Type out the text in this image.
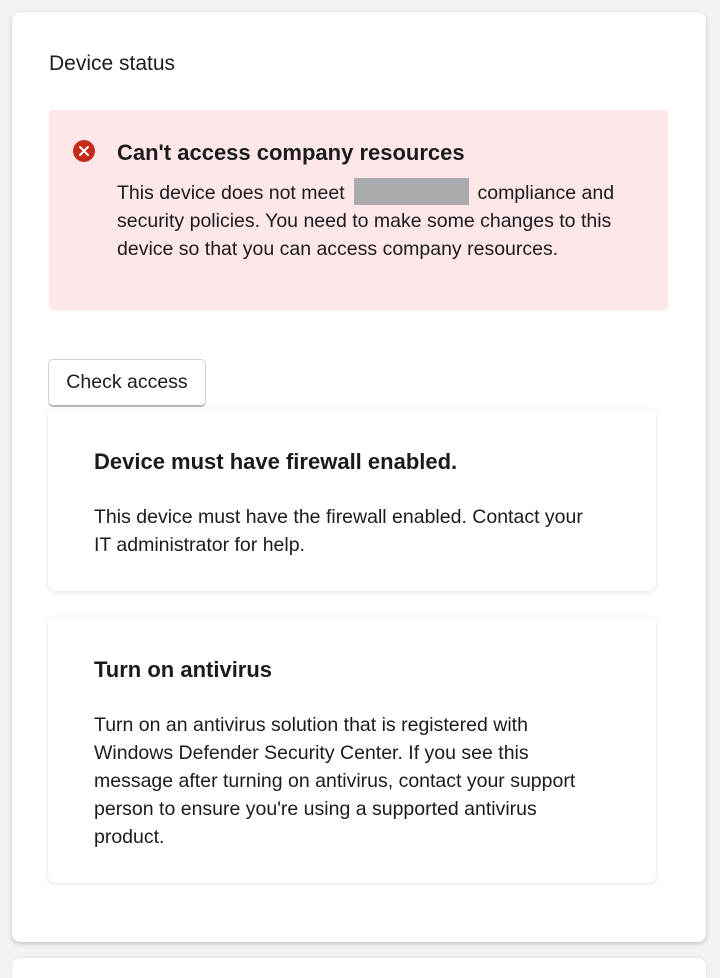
Device status
Can't access company resources

This device does not meet	compliance and security policies. You need to make some changes to this device so that you can access company resources.

Check access
Device must have firewall enabled.

This device must have the firewall enabled. Contact your IT administrator for help.

Turn on antivirus

Turn on an antivirus solution that is registered with Windows Defender Security Center. If you see this message after turning on antivirus, contact your support person to ensure you're using a supported antivirus product.
